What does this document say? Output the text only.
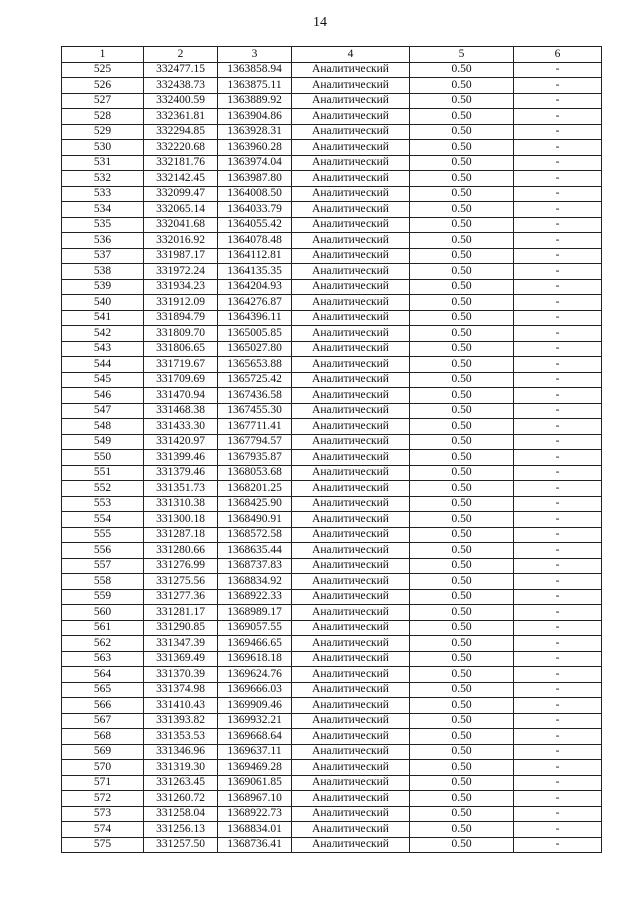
14
1	2	3	4	5	6
525	332477.15	1363858.94	Аналитический	0.50	-
526	332438.73	1363875.11	Аналитический	0.50	-
527	332400.59	1363889.92	Аналитический	0.50	-
528	332361.81	1363904.86	Аналитический	0.50	-
529	332294.85	1363928.31	Аналитический	0.50	-
530	332220.68	1363960.28	Аналитический	0.50	-
531	332181.76	1363974.04	Аналитический	0.50	-
532	332142.45	1363987.80	Аналитический	0.50	-
533	332099.47	1364008.50	Аналитический	0.50	-
534	332065.14	1364033.79	Аналитический	0.50	-
535	332041.68	1364055.42	Аналитический	0.50	-
536	332016.92	1364078.48	Аналитический	0.50	-
537	331987.17	1364112.81	Аналитический	0.50	-
538	331972.24	1364135.35	Аналитический	0.50	-
539	331934.23	1364204.93	Аналитический	0.50	-
540	331912.09	1364276.87	Аналитический	0.50	-
541	331894.79	1364396.11	Аналитический	0.50	-
542	331809.70	1365005.85	Аналитический	0.50	-
543	331806.65	1365027.80	Аналитический	0.50	-
544	331719.67	1365653.88	Аналитический	0.50	-
545	331709.69	1365725.42	Аналитический	0.50	-
546	331470.94	1367436.58	Аналитический	0.50	-
547	331468.38	1367455.30	Аналитический	0.50	-
548	331433.30	1367711.41	Аналитический	0.50	-
549	331420.97	1367794.57	Аналитический	0.50	-
550	331399.46	1367935.87	Аналитический	0.50	-
551	331379.46	1368053.68	Аналитический	0.50	-
552	331351.73	1368201.25	Аналитический	0.50	-
553	331310.38	1368425.90	Аналитический	0.50	-
554	331300.18	1368490.91	Аналитический	0.50	-
555	331287.18	1368572.58	Аналитический	0.50	-
556	331280.66	1368635.44	Аналитический	0.50	-
557	331276.99	1368737.83	Аналитический	0.50	-
558	331275.56	1368834.92	Аналитический	0.50	-
559	331277.36	1368922.33	Аналитический	0.50	-
560	331281.17	1368989.17	Аналитический	0.50	-
561	331290.85	1369057.55	Аналитический	0.50	-
562	331347.39	1369466.65	Аналитический	0.50	-
563	331369.49	1369618.18	Аналитический	0.50	-
564	331370.39	1369624.76	Аналитический	0.50	-
565	331374.98	1369666.03	Аналитический	0.50	-
566	331410.43	1369909.46	Аналитический	0.50	-
567	331393.82	1369932.21	Аналитический	0.50	-
568	331353.53	1369668.64	Аналитический	0.50	-
569	331346.96	1369637.11	Аналитический	0.50	-
570	331319.30	1369469.28	Аналитический	0.50	-
571	331263.45	1369061.85	Аналитический	0.50	-
572	331260.72	1368967.10	Аналитический	0.50	-
573	331258.04	1368922.73	Аналитический	0.50	-
574	331256.13	1368834.01	Аналитический	0.50	-
575	331257.50	1368736.41	Аналитический	0.50	-
